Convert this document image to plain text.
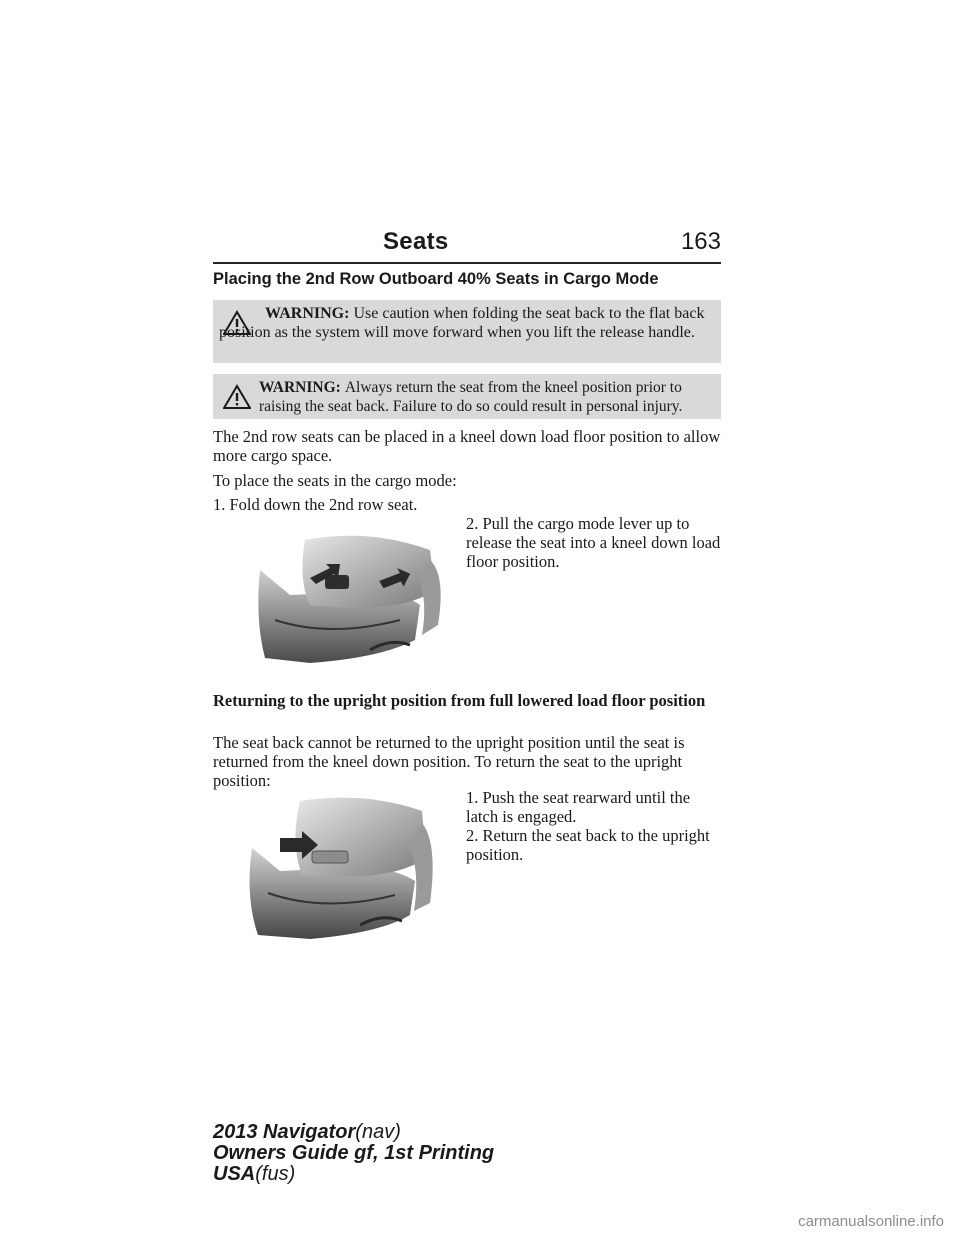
Seats	163
Placing the 2nd Row Outboard 40% Seats in Cargo Mode
WARNING: Use caution when folding the seat back to the flat back position as the system will move forward when you lift the release handle.
WARNING: Always return the seat from the kneel position prior to raising the seat back. Failure to do so could result in personal injury.
The 2nd row seats can be placed in a kneel down load floor position to allow more cargo space.
To place the seats in the cargo mode:
1. Fold down the 2nd row seat.
2. Pull the cargo mode lever up to release the seat into a kneel down load floor position.
Returning to the upright position from full lowered load floor position
The seat back cannot be returned to the upright position until the seat is returned from the kneel down position. To return the seat to the upright position:
1. Push the seat rearward until the latch is engaged.
2. Return the seat back to the upright position.
2013 Navigator(nav)
Owners Guide gf, 1st Printing
USA(fus)
carmanualsonline.info
